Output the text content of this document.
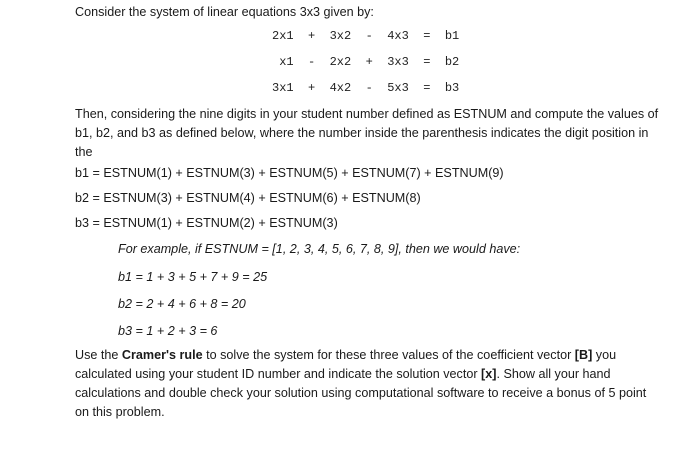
Consider the system of linear equations 3x3 given by:
2x1  +  3x2  -  4x3  =  b1
x1  -  2x2  +  3x3  =  b2
3x1  +  4x2  -  5x3  =  b3
Then, considering the nine digits in your student number defined as ESTNUM and compute the values of
b1, b2, and b3 as defined below, where the number inside the parenthesis indicates the digit position in
the
b1 = ESTNUM(1) + ESTNUM(3) + ESTNUM(5) + ESTNUM(7) + ESTNUM(9)
b2 = ESTNUM(3) + ESTNUM(4) + ESTNUM(6) + ESTNUM(8)
b3 = ESTNUM(1) + ESTNUM(2) + ESTNUM(3)
For example, if ESTNUM = [1, 2, 3, 4, 5, 6, 7, 8, 9], then we would have:
b1 = 1 + 3 + 5 + 7 + 9 = 25
b2 = 2 + 4 + 6 + 8 = 20
b3 = 1 + 2 + 3 = 6
Use the Cramer's rule to solve the system for these three values of the coefficient vector [B] you
calculated using your student ID number and indicate the solution vector [x]. Show all your hand
calculations and double check your solution using computational software to receive a bonus of 5 point
on this problem.
